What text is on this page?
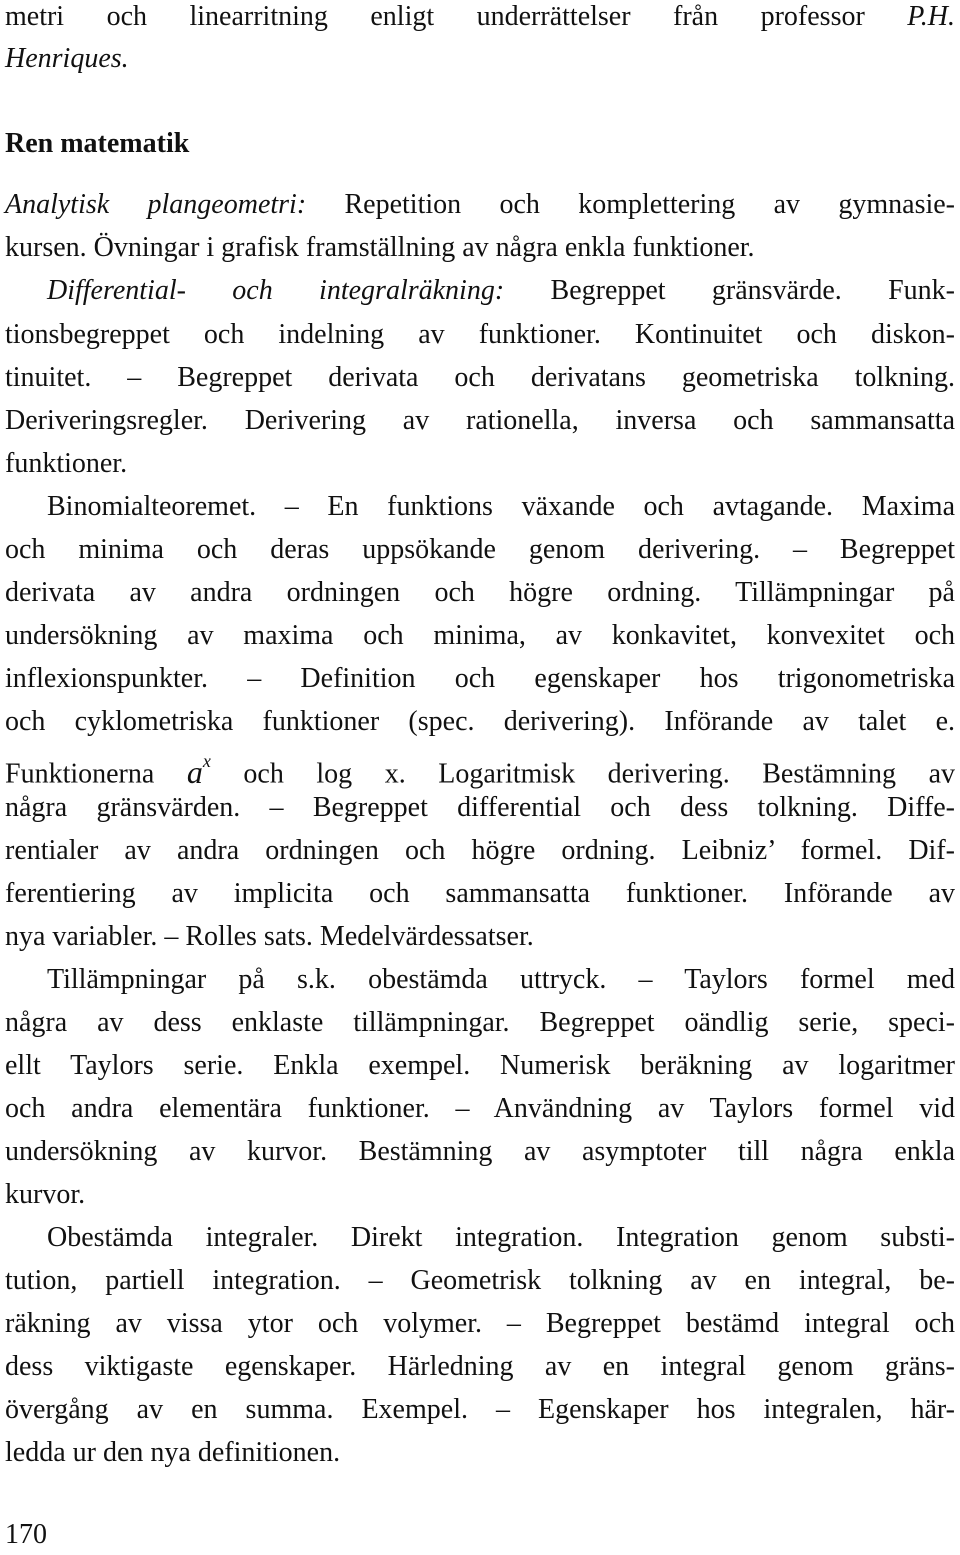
metri och linearritning enligt underrättelser från professor P.H.
Henriques.
Ren matematik
Analytisk plangeometri: Repetition och komplettering av gymnasie-
kursen. Övningar i grafisk framställning av några enkla funktioner.
Differential- och integralräkning: Begreppet gränsvärde. Funk-
tionsbegreppet och indelning av funktioner. Kontinuitet och diskon-
tinuitet. – Begreppet derivata och derivatans geometriska tolkning.
Deriveringsregler. Derivering av rationella, inversa och sammansatta
funktioner.
Binomialteoremet. – En funktions växande och avtagande. Maxima
och minima och deras uppsökande genom derivering. – Begreppet
derivata av andra ordningen och högre ordning. Tillämpningar på
undersökning av maxima och minima, av konkavitet, konvexitet och
inflexionspunkter. – Definition och egenskaper hos trigonometriska
och cyklometriska funktioner (spec. derivering). Införande av talet e.
Funktionerna $a^x$ och log x. Logaritmisk derivering. Bestämning av
några gränsvärden. – Begreppet differential och dess tolkning. Diffe-
rentialer av andra ordningen och högre ordning. Leibniz’ formel. Dif-
ferentiering av implicita och sammansatta funktioner. Införande av
nya variabler. – Rolles sats. Medelvärdessatser.
Tillämpningar på s.k. obestämda uttryck. – Taylors formel med
några av dess enklaste tillämpningar. Begreppet oändlig serie, speci-
ellt Taylors serie. Enkla exempel. Numerisk beräkning av logaritmer
och andra elementära funktioner. – Användning av Taylors formel vid
undersökning av kurvor. Bestämning av asymptoter till några enkla
kurvor.
Obestämda integraler. Direkt integration. Integration genom substi-
tution, partiell integration. – Geometrisk tolkning av en integral, be-
räkning av vissa ytor och volymer. – Begreppet bestämd integral och
dess viktigaste egenskaper. Härledning av en integral genom gräns-
övergång av en summa. Exempel. – Egenskaper hos integralen, här-
ledda ur den nya definitionen.
170
